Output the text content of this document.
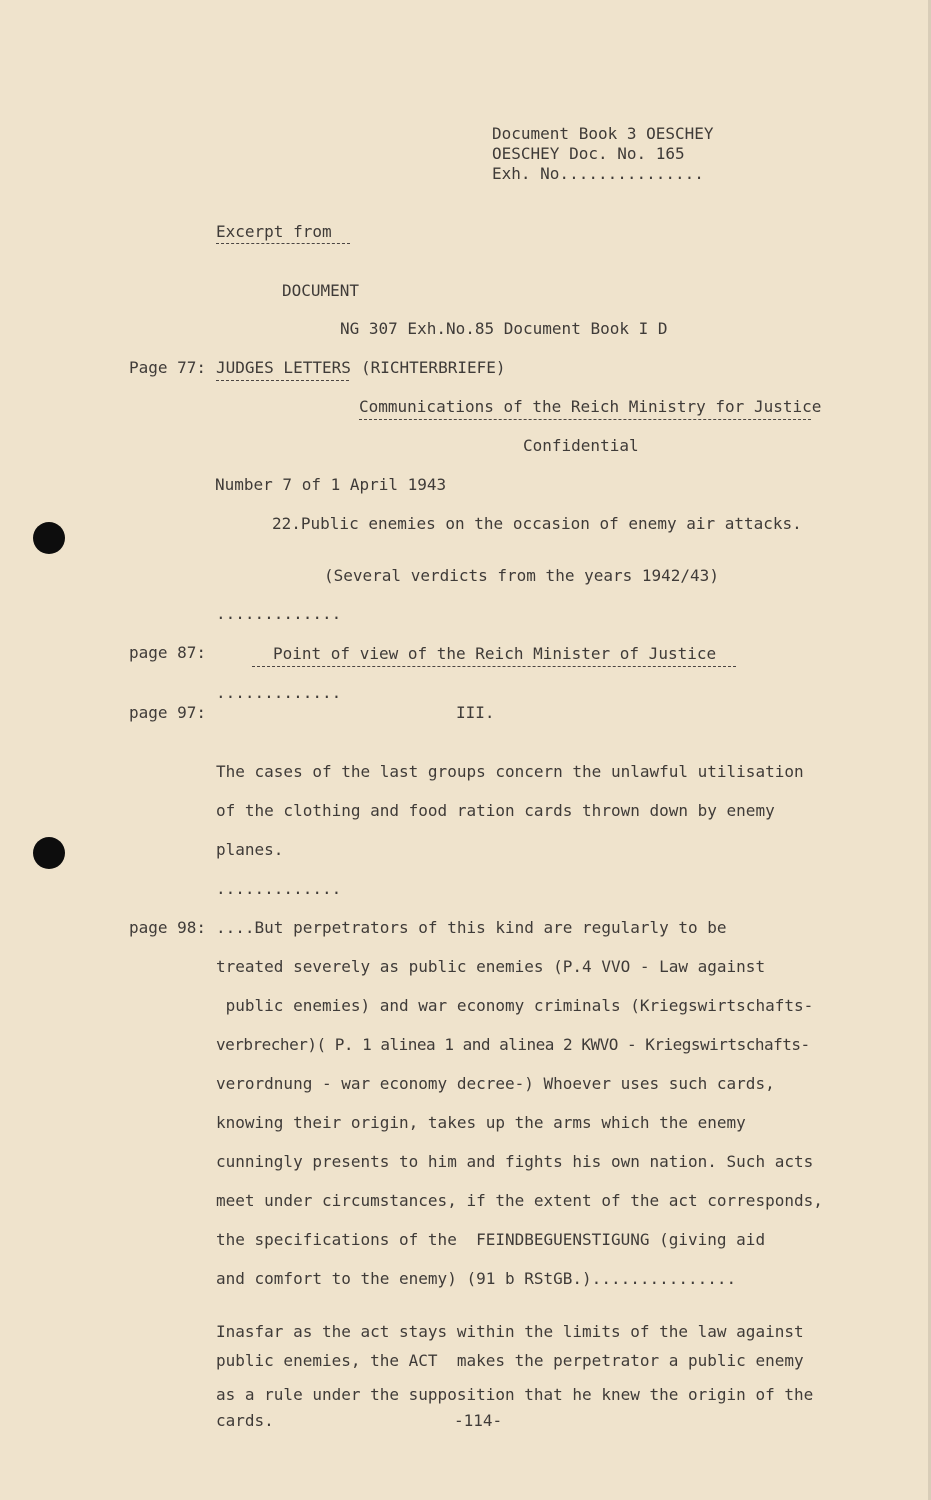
Document Book 3 OESCHEY
OESCHEY Doc. No. 165
Exh. No...............
Excerpt from
DOCUMENT
NG 307 Exh.No.85 Document Book I D
Page 77: JUDGES LETTERS (RICHTERBRIEFE)
Communications of the Reich Ministry for Justice
Confidential
Number 7 of 1 April 1943
22.Public enemies on the occasion of enemy air attacks.
(Several verdicts from the years 1942/43)
.............
page 87:	Point of view of the Reich Minister of Justice
.............
page 97:	III.
The cases of the last groups concern the unlawful utilisation
of the clothing and food ration cards thrown down by enemy
planes.
.............
page 98: ....But perpetrators of this kind are regularly to be
treated severely as public enemies (P.4 VVO - Law against
public enemies) and war economy criminals (Kriegswirtschafts-
verbrecher)( P. 1 alinea 1 and alinea 2 KWVO - Kriegswirtschafts-
verordnung - war economy decree-) Whoever uses such cards,
knowing their origin, takes up the arms which the enemy
cunningly presents to him and fights his own nation. Such acts
meet under circumstances, if the extent of the act corresponds,
the specifications of the  FEINDBEGUENSTIGUNG (giving aid
and comfort to the enemy) (91 b RStGB.)...............
Inasfar as the act stays within the limits of the law against
public enemies, the ACT  makes the perpetrator a public enemy
as a rule under the supposition that he knew the origin of the
cards.	-114-
